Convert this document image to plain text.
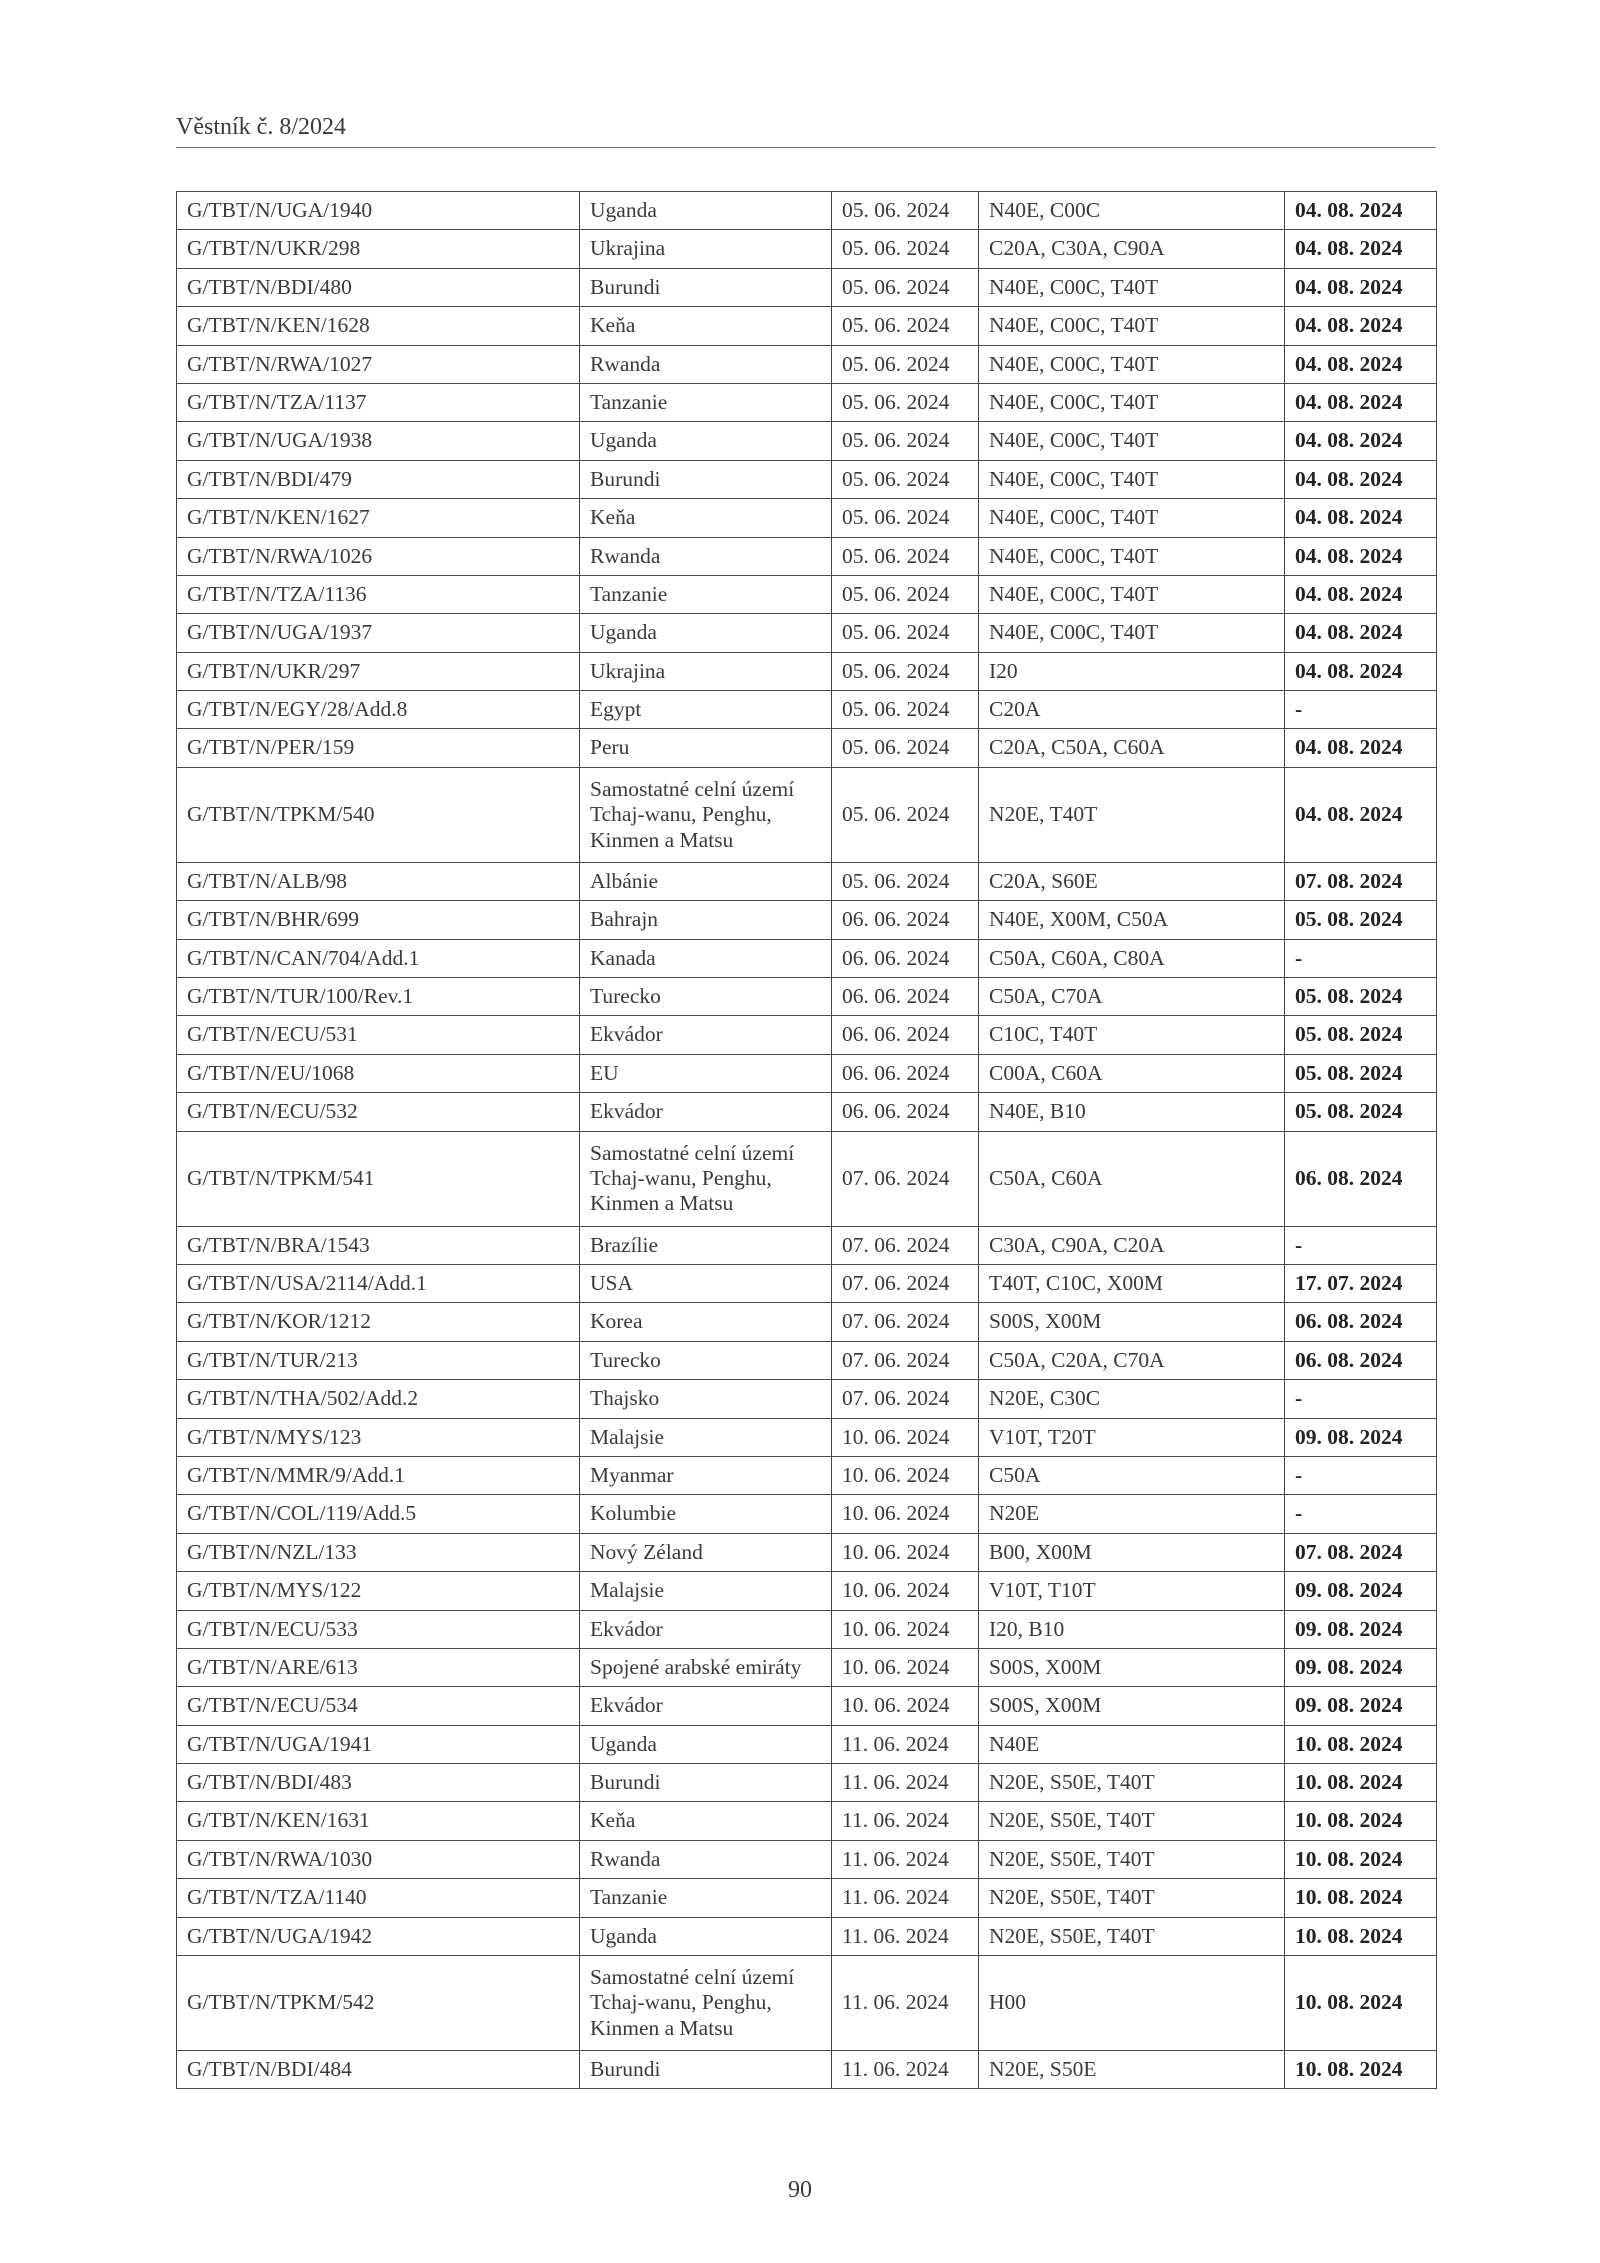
Věstník č. 8/2024
G/TBT/N/UGA/1940	Uganda	05. 06. 2024	N40E, C00C	04. 08. 2024
G/TBT/N/UKR/298	Ukrajina	05. 06. 2024	C20A, C30A, C90A	04. 08. 2024
G/TBT/N/BDI/480	Burundi	05. 06. 2024	N40E, C00C, T40T	04. 08. 2024
G/TBT/N/KEN/1628	Keňa	05. 06. 2024	N40E, C00C, T40T	04. 08. 2024
G/TBT/N/RWA/1027	Rwanda	05. 06. 2024	N40E, C00C, T40T	04. 08. 2024
G/TBT/N/TZA/1137	Tanzanie	05. 06. 2024	N40E, C00C, T40T	04. 08. 2024
G/TBT/N/UGA/1938	Uganda	05. 06. 2024	N40E, C00C, T40T	04. 08. 2024
G/TBT/N/BDI/479	Burundi	05. 06. 2024	N40E, C00C, T40T	04. 08. 2024
G/TBT/N/KEN/1627	Keňa	05. 06. 2024	N40E, C00C, T40T	04. 08. 2024
G/TBT/N/RWA/1026	Rwanda	05. 06. 2024	N40E, C00C, T40T	04. 08. 2024
G/TBT/N/TZA/1136	Tanzanie	05. 06. 2024	N40E, C00C, T40T	04. 08. 2024
G/TBT/N/UGA/1937	Uganda	05. 06. 2024	N40E, C00C, T40T	04. 08. 2024
G/TBT/N/UKR/297	Ukrajina	05. 06. 2024	I20	04. 08. 2024
G/TBT/N/EGY/28/Add.8	Egypt	05. 06. 2024	C20A	-
G/TBT/N/PER/159	Peru	05. 06. 2024	C20A, C50A, C60A	04. 08. 2024
G/TBT/N/TPKM/540	Samostatné celní území Tchaj-wanu, Penghu, Kinmen a Matsu	05. 06. 2024	N20E, T40T	04. 08. 2024
G/TBT/N/ALB/98	Albánie	05. 06. 2024	C20A, S60E	07. 08. 2024
G/TBT/N/BHR/699	Bahrajn	06. 06. 2024	N40E, X00M, C50A	05. 08. 2024
G/TBT/N/CAN/704/Add.1	Kanada	06. 06. 2024	C50A, C60A, C80A	-
G/TBT/N/TUR/100/Rev.1	Turecko	06. 06. 2024	C50A, C70A	05. 08. 2024
G/TBT/N/ECU/531	Ekvádor	06. 06. 2024	C10C, T40T	05. 08. 2024
G/TBT/N/EU/1068	EU	06. 06. 2024	C00A, C60A	05. 08. 2024
G/TBT/N/ECU/532	Ekvádor	06. 06. 2024	N40E, B10	05. 08. 2024
G/TBT/N/TPKM/541	Samostatné celní území Tchaj-wanu, Penghu, Kinmen a Matsu	07. 06. 2024	C50A, C60A	06. 08. 2024
G/TBT/N/BRA/1543	Brazílie	07. 06. 2024	C30A, C90A, C20A	-
G/TBT/N/USA/2114/Add.1	USA	07. 06. 2024	T40T, C10C, X00M	17. 07. 2024
G/TBT/N/KOR/1212	Korea	07. 06. 2024	S00S, X00M	06. 08. 2024
G/TBT/N/TUR/213	Turecko	07. 06. 2024	C50A, C20A, C70A	06. 08. 2024
G/TBT/N/THA/502/Add.2	Thajsko	07. 06. 2024	N20E, C30C	-
G/TBT/N/MYS/123	Malajsie	10. 06. 2024	V10T, T20T	09. 08. 2024
G/TBT/N/MMR/9/Add.1	Myanmar	10. 06. 2024	C50A	-
G/TBT/N/COL/119/Add.5	Kolumbie	10. 06. 2024	N20E	-
G/TBT/N/NZL/133	Nový Zéland	10. 06. 2024	B00, X00M	07. 08. 2024
G/TBT/N/MYS/122	Malajsie	10. 06. 2024	V10T, T10T	09. 08. 2024
G/TBT/N/ECU/533	Ekvádor	10. 06. 2024	I20, B10	09. 08. 2024
G/TBT/N/ARE/613	Spojené arabské emiráty	10. 06. 2024	S00S, X00M	09. 08. 2024
G/TBT/N/ECU/534	Ekvádor	10. 06. 2024	S00S, X00M	09. 08. 2024
G/TBT/N/UGA/1941	Uganda	11. 06. 2024	N40E	10. 08. 2024
G/TBT/N/BDI/483	Burundi	11. 06. 2024	N20E, S50E, T40T	10. 08. 2024
G/TBT/N/KEN/1631	Keňa	11. 06. 2024	N20E, S50E, T40T	10. 08. 2024
G/TBT/N/RWA/1030	Rwanda	11. 06. 2024	N20E, S50E, T40T	10. 08. 2024
G/TBT/N/TZA/1140	Tanzanie	11. 06. 2024	N20E, S50E, T40T	10. 08. 2024
G/TBT/N/UGA/1942	Uganda	11. 06. 2024	N20E, S50E, T40T	10. 08. 2024
G/TBT/N/TPKM/542	Samostatné celní území Tchaj-wanu, Penghu, Kinmen a Matsu	11. 06. 2024	H00	10. 08. 2024
G/TBT/N/BDI/484	Burundi	11. 06. 2024	N20E, S50E	10. 08. 2024
90
